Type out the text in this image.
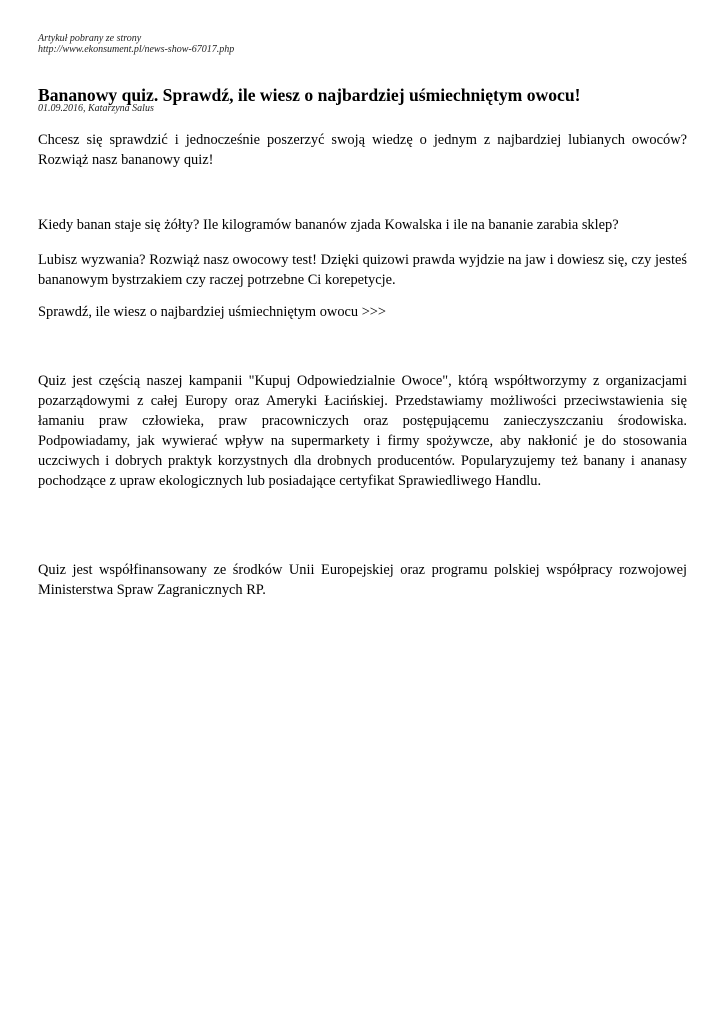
Artykuł pobrany ze strony
http://www.ekonsument.pl/news-show-67017.php
Bananowy quiz. Sprawdź, ile wiesz o najbardziej uśmiechniętym owocu!
01.09.2016, Katarzyna Salus

Chcesz się sprawdzić i jednocześnie poszerzyć swoją wiedzę o jednym z najbardziej lubianych owoców? Rozwiąż nasz bananowy quiz!

Kiedy banan staje się żółty? Ile kilogramów bananów zjada Kowalska i ile na bananie zarabia sklep?

Lubisz wyzwania? Rozwiąż nasz owocowy test! Dzięki quizowi prawda wyjdzie na jaw i dowiesz się, czy jesteś bananowym bystrzakiem czy raczej potrzebne Ci korepetycje.

Sprawdź, ile wiesz o najbardziej uśmiechniętym owocu >>>

Quiz jest częścią naszej kampanii "Kupuj Odpowiedzialnie Owoce", którą współtworzymy z organizacjami pozarządowymi z całej Europy oraz Ameryki Łacińskiej. Przedstawiamy możliwości przeciwstawienia się łamaniu praw człowieka, praw pracowniczych oraz postępującemu zanieczyszczaniu środowiska. Podpowiadamy, jak wywierać wpływ na supermarkety i firmy spożywcze, aby nakłonić je do stosowania uczciwych i dobrych praktyk korzystnych dla drobnych producentów. Popularyzujemy też banany i ananasy pochodzące z upraw ekologicznych lub posiadające certyfikat Sprawiedliwego Handlu.

Quiz jest współfinansowany ze środków Unii Europejskiej oraz programu polskiej współpracy rozwojowej Ministerstwa Spraw Zagranicznych RP.
